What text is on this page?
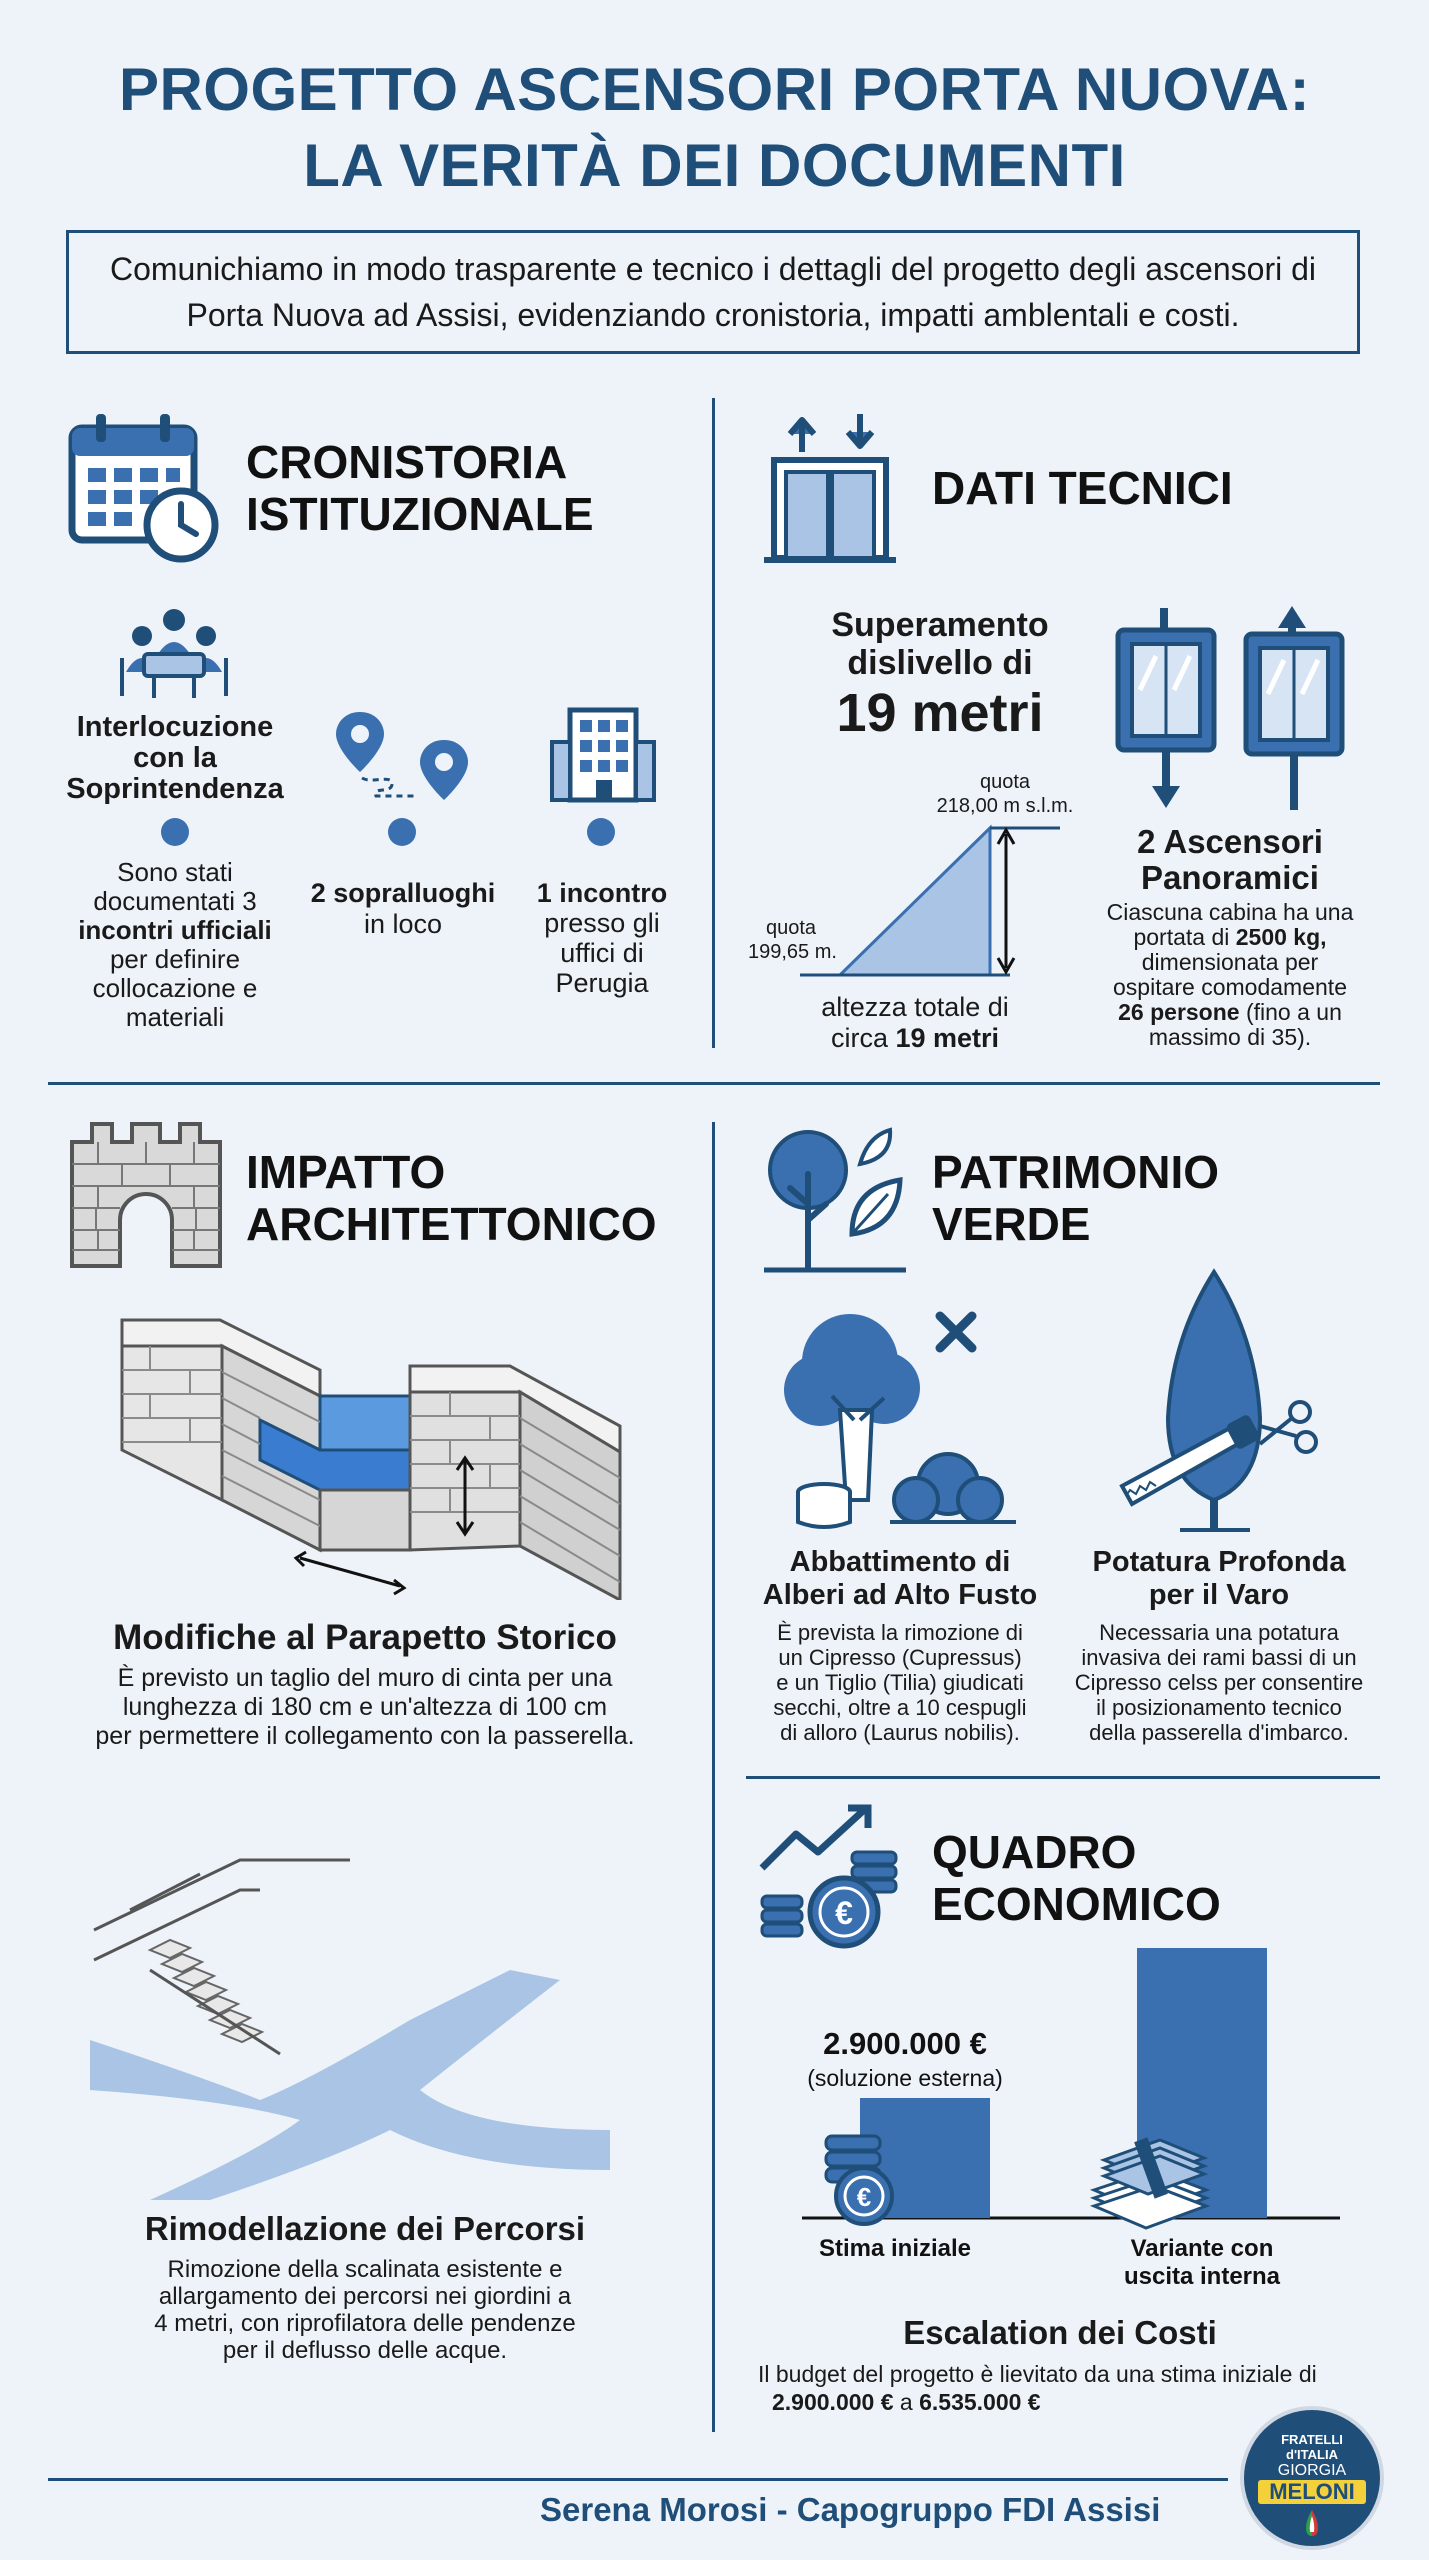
PROGETTO ASCENSORI PORTA NUOVA:
LA VERITÀ DEI DOCUMENTI
Comunichiamo in modo trasparente e tecnico i dettagli del progetto degli ascensori di Porta Nuova ad Assisi, evidenziando cronistoria, impatti amblentali e costi.
CRONISTORIA
ISTITUZIONALE
Interlocuzione
con la
Soprintendenza
Sono stati
documentati 3
incontri ufficiali
per definire
collocazione e
materiali
2 sopralluoghi
in loco
1 incontro
presso gli
uffici di
Perugia
DATI TECNICI
Superamento
dislivello di
19 metri
quota
218,00 m s.l.m.
quota
199,65 m.
altezza totale di
circa 19 metri
2 Ascensori
Panoramici
Ciascuna cabina ha una
portata di 2500 kg,
dimensionata per
ospitare comodamente
26 persone (fino a un
massimo di 35).
IMPATTO
ARCHITETTONICO
Modifiche al Parapetto Storico
È previsto un taglio del muro di cinta per una
lunghezza di 180 cm e un'altezza di 100 cm
per permettere il collegamento con la passerella.
Rimodellazione dei Percorsi
Rimozione della scalinata esistente e
allargamento dei percorsi nei giordini a
4 metri, con riprofilatora delle pendenze
per il deflusso delle acque.
PATRIMONIO
VERDE
Abbattimento di
Alberi ad Alto Fusto
È prevista la rimozione di
un Cipresso (Cupressus)
e un Tiglio (Tilia) giudicati
secchi, oltre a 10 cespugli
di alloro (Laurus nobilis).
Potatura Profonda
per il Varo
Necessaria una potatura
invasiva dei rami bassi di un
Cipresso celss per consentire
il posizionamento tecnico
della passerella d'imbarco.
€
QUADRO
ECONOMICO
2.900.000 €
(soluzione esterna)
Stima iniziale	Variante con
uscita interna
€
Escalation dei Costi
Il budget del progetto è lievitato da una stima iniziale di
2.900.000 € a 6.535.000 €
Serena Morosi - Capogruppo FDI Assisi
FRATELLI
d'ITALIA
GIORGIA
MELONI
